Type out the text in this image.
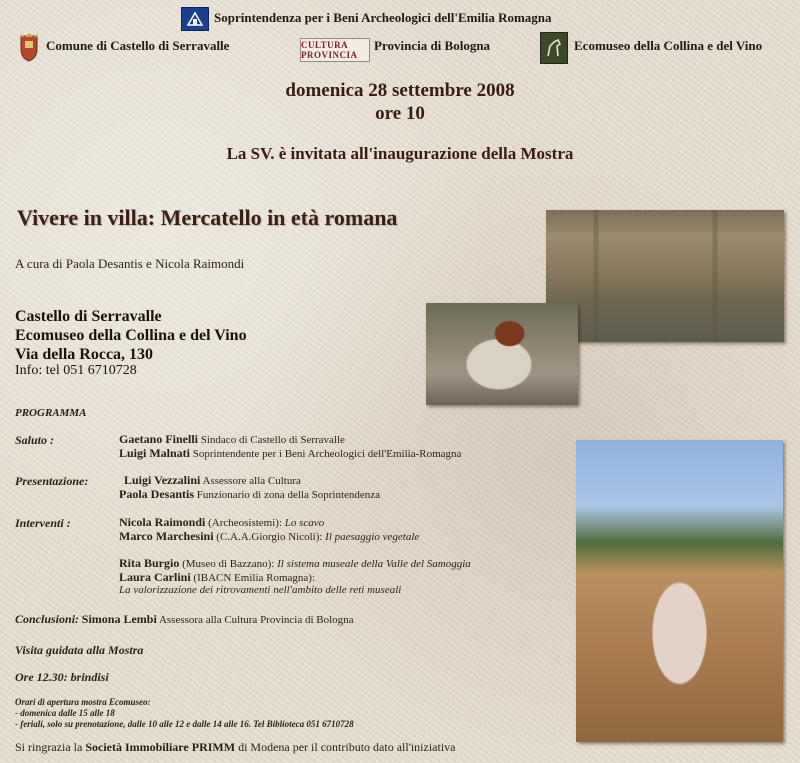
Soprintendenza per i Beni Archeologici dell'Emilia Romagna
Comune di Castello di Serravalle	CULTURA PROVINCIA
Provincia di Bologna	Ecomuseo della Collina e del Vino
domenica 28 settembre 2008
ore 10
La SV. è invitata all'inaugurazione della Mostra
Vivere in villa: Mercatello in età romana
A cura di Paola Desantis e Nicola Raimondi
Castello di Serravalle
Ecomuseo della Collina e del Vino
Via della Rocca, 130
Info: tel 051 6710728
PROGRAMMA
Saluto :	Gaetano Finelli Sindaco di Castello di Serravalle
Luigi Malnati Soprintendente per i Beni Archeologici dell'Emilia-Romagna
Presentazione:	Luigi Vezzalini Assessore alla Cultura
Paola Desantis Funzionario di zona della Soprintendenza
Interventi :	Nicola Raimondi (Archeosistemi): Lo scavo
Marco Marchesini (C.A.A.Giorgio Nicoli): Il paesaggio vegetale
Rita Burgio (Museo di Bazzano): Il sistema museale della Valle del Samoggia
Laura Carlini (IBACN Emilia Romagna):
La valorizzazione dei ritrovamenti nell'ambito delle reti museali
Conclusioni: Simona Lembi Assessora alla Cultura Provincia di Bologna
Visita guidata alla Mostra
Ore 12.30: brindisi
Orari di apertura mostra Ecomuseo:
- domenica dalle 15 alle 18
- feriali, solo su prenotazione, dalle 10 alle 12 e dalle 14 alle 16. Tel Biblioteca 051 6710728
Si ringrazia la Società Immobiliare PRIMM di Modena per il contributo dato all'iniziativa
